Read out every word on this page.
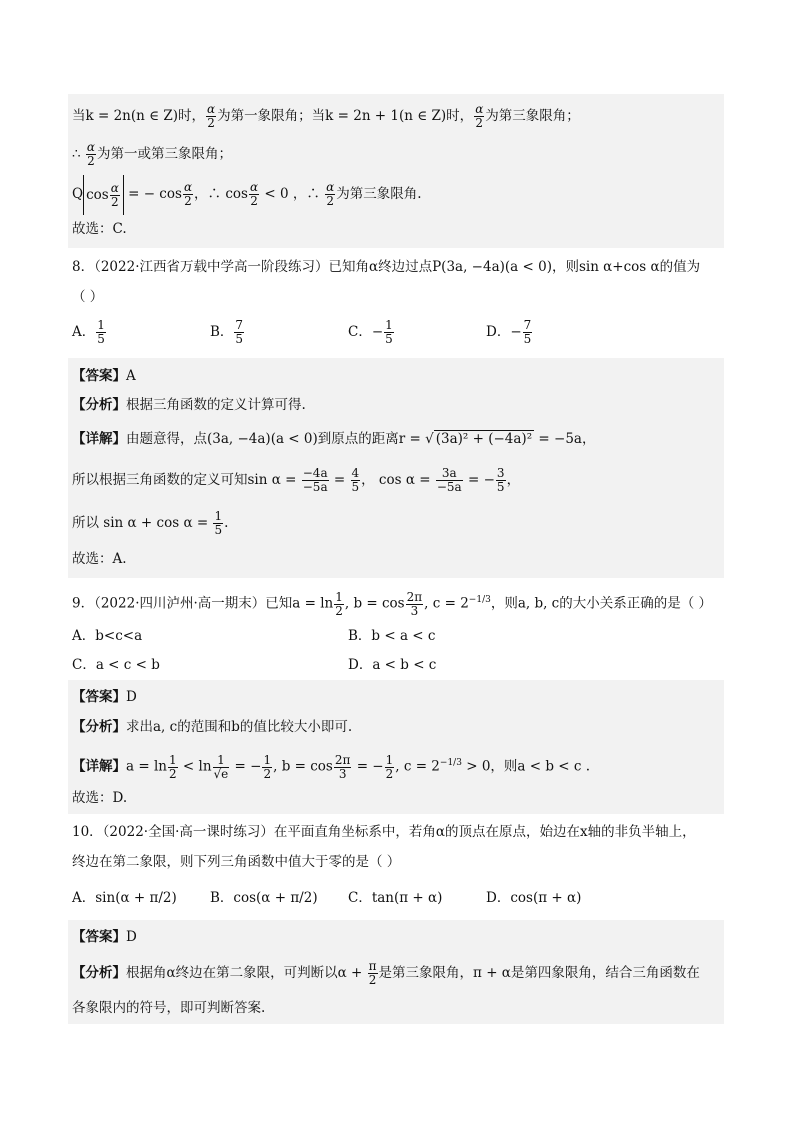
当k = 2n(n ∈ Z)时， $\frac{\alpha}{2}$ 为第一象限角；当k = 2n + 1(n ∈ Z)时， $\frac{\alpha}{2}$ 为第三象限角；
∴ $\frac{\alpha}{2}$ 为第一或第三象限角；
Q $\cos \frac{\alpha}{2}$ = − $\cos \frac{\alpha}{2}$ ，∴ $\cos \frac{\alpha}{2} < 0$ ，∴ $\frac{\alpha}{2}$ 为第三象限角.
故选：C.
8．（2022·江西省万载中学高一阶段练习）已知角α终边过点P(3a, −4a)(a < 0)，则sin α+cos α的值为
（ ）
A． $\frac{1}{5}$	B． $\frac{7}{5}$	C．− $\frac{1}{5}$	D．− $\frac{7}{5}$
【答案】A
【分析】根据三角函数的定义计算可得.
【详解】由题意得，点(3a, −4a)(a < 0)到原点的距离r = √ (3a)² + (−4a)² = −5a，
所以根据三角函数的定义可知$\sin \alpha = \frac{-4a}{-5a} = \frac{4}{5}$ ， $\cos \alpha = \frac{3a}{-5a}$ = − $\frac{3}{5}$ ，
所以 $\sin \alpha + \cos \alpha = \frac{1}{5}$ .
故选：A.
9．（2022·四川泸州·高一期末）已知$a = \ln \frac{1}{2}$ , $b = \cos \frac{2\pi}{3}$ , $c = 2^{-1/3}$，则a, b, c的大小关系正确的是（ ）
A．b<c<a	B．b < a < c
C．a < c < b	D．a < b < c
【答案】D
【分析】求出a, c的范围和b的值比较大小即可.
【详解】$a = \ln \frac{1}{2} < \ln \frac{1}{√e}$ = − $\frac{1}{2}$ , $b = \cos \frac{2\pi}{3}$ = − $\frac{1}{2}$ , $c = 2^{-1/3} > 0$，则a < b < c .
故选：D.
10．（2022·全国·高一课时练习）在平面直角坐标系中，若角α的顶点在原点，始边在x轴的非负半轴上，
终边在第二象限，则下列三角函数中值大于零的是（ ）
A．sin(α + π/2)	B．cos(α + π/2)	C．tan(π + α)	D．cos(π + α)
【答案】D
【分析】根据角α终边在第二象限，可判断以$\alpha + \frac{\pi}{2}$ 是第三象限角，π + α是第四象限角，结合三角函数在
各象限内的符号，即可判断答案.
